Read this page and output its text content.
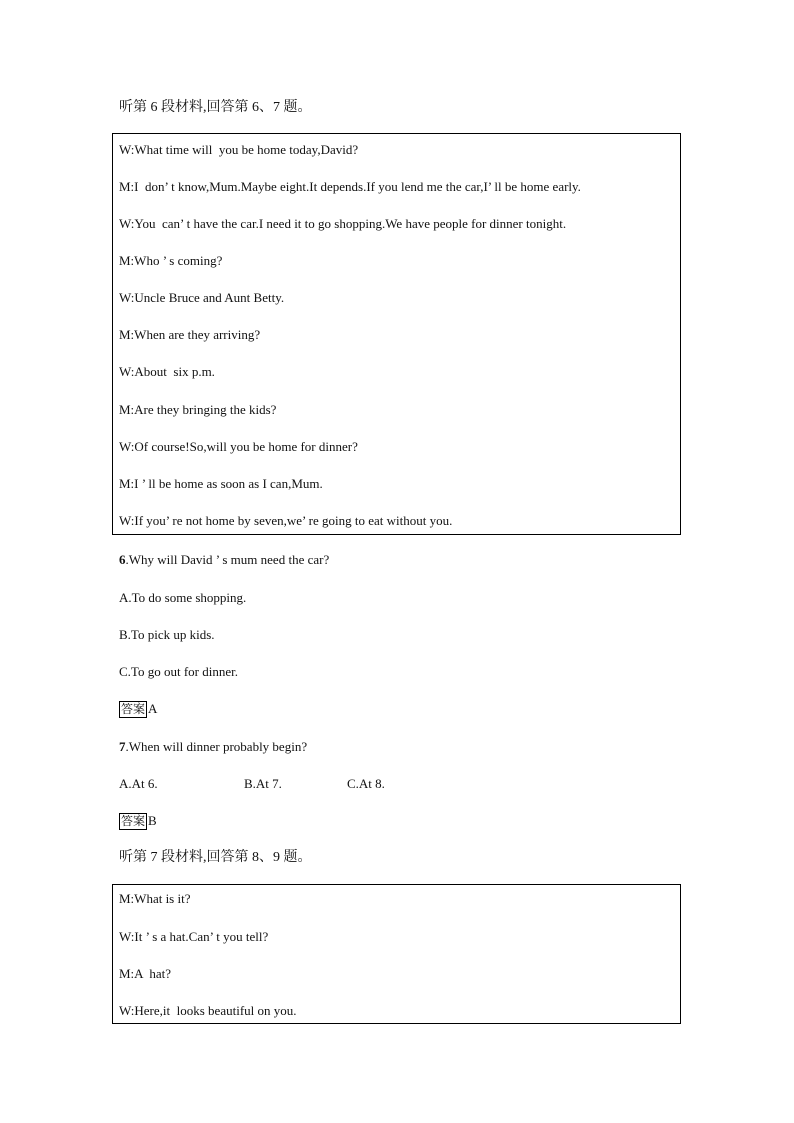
听第 6 段材料,回答第 6、7 题。
W:What time will  you be home today,David?
M:I  don’ t know,Mum.Maybe eight.It depends.If you lend me the car,I’ ll be home early.
W:You  can’ t have the car.I need it to go shopping.We have people for dinner tonight.
M:Who ’ s coming?
W:Uncle Bruce and Aunt Betty.
M:When are they arriving?
W:About  six p.m.
M:Are they bringing the kids?
W:Of course!So,will you be home for dinner?
M:I ’ ll be home as soon as I can,Mum.
W:If you’ re not home by seven,we’ re going to eat without you.
6.Why will David ’ s mum need the car?
A.To do some shopping.
B.To pick up kids.
C.To go out for dinner.
答案 A
7.When will dinner probably begin?
A.At 6.	B.At 7.	C.At 8.
答案 B
听第 7 段材料,回答第 8、9 题。
M:What is it?
W:It ’ s a hat.Can’ t you tell?
M:A  hat?
W:Here,it  looks beautiful on you.
